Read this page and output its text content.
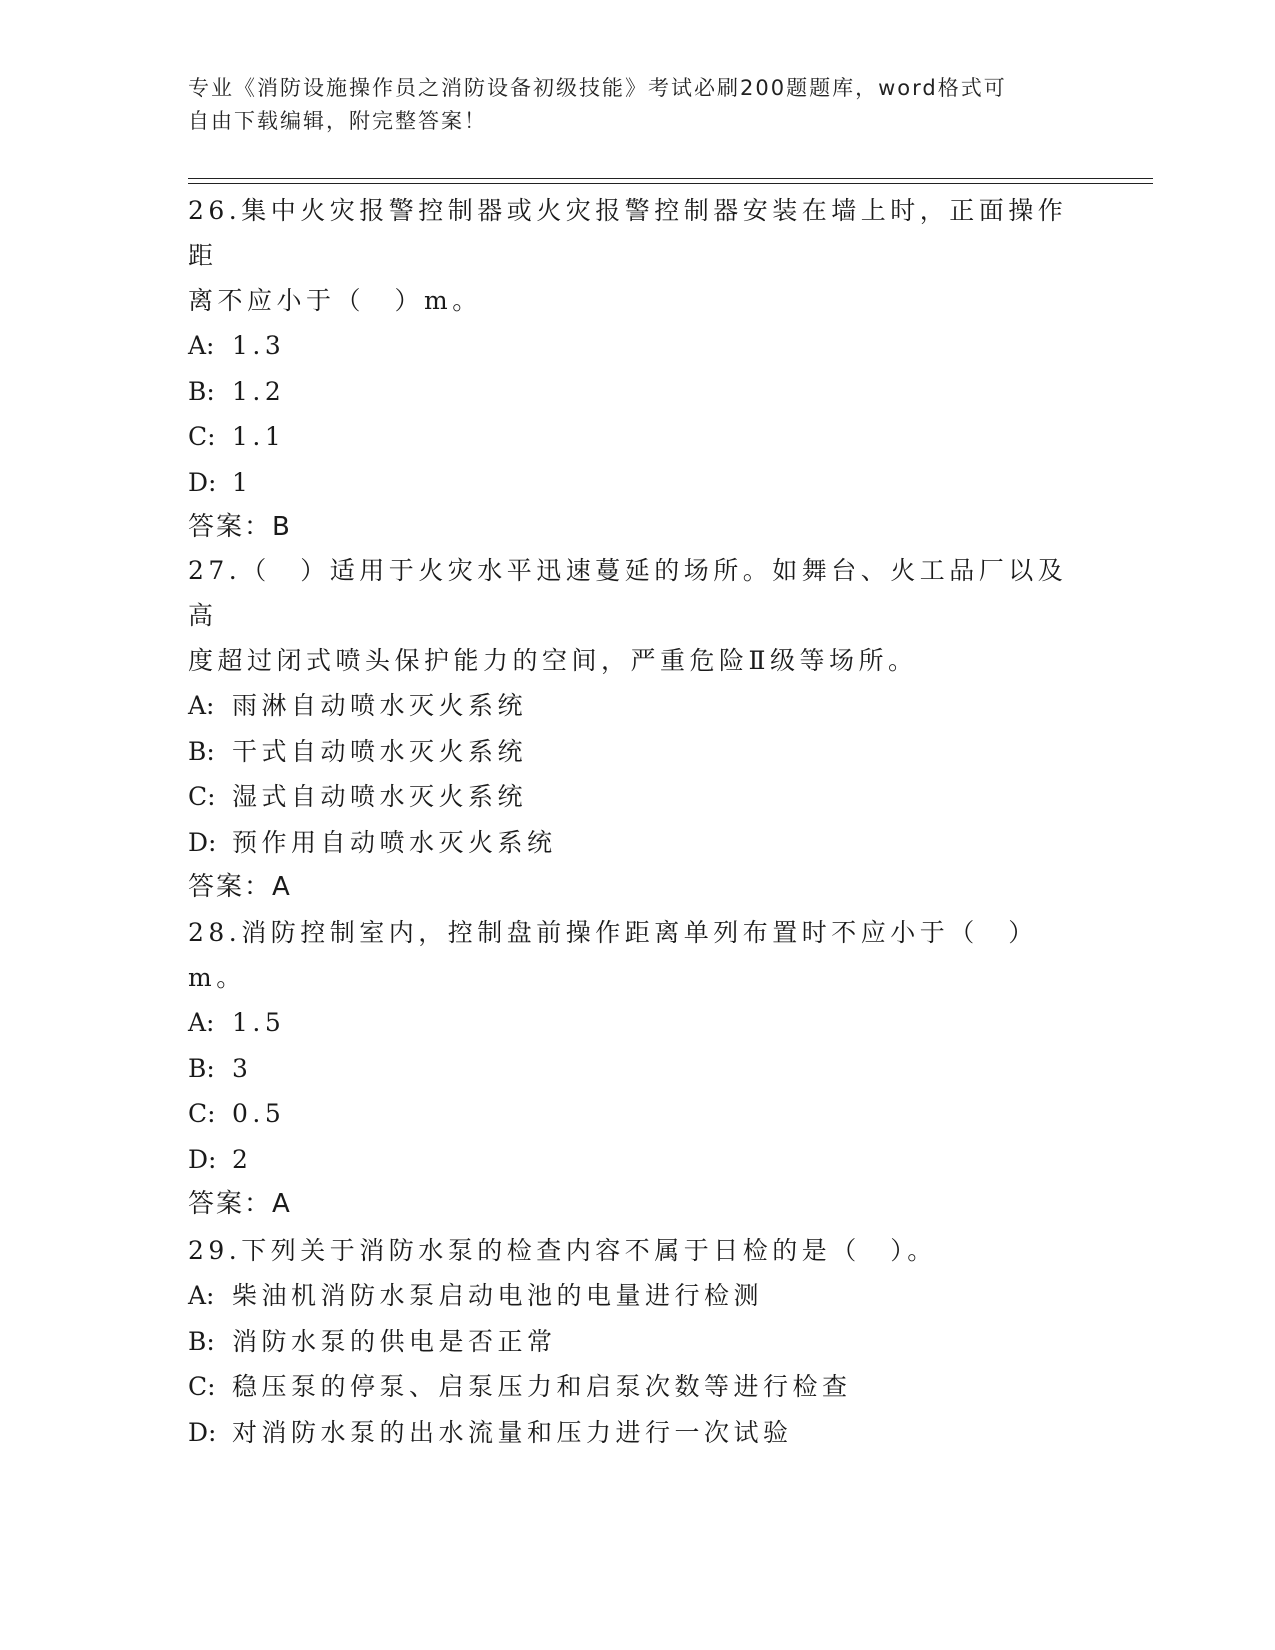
专业《消防设施操作员之消防设备初级技能》考试必刷200题题库，word格式可
自由下载编辑，附完整答案！

26.集中火灾报警控制器或火灾报警控制器安装在墙上时，正面操作距

离不应小于（　）m。

A: 1.3

B: 1.2

C: 1.1

D: 1

答案：B

27.（　）适用于火灾水平迅速蔓延的场所。如舞台、火工品厂以及高

度超过闭式喷头保护能力的空间，严重危险Ⅱ级等场所。

A: 雨淋自动喷水灭火系统

B: 干式自动喷水灭火系统

C: 湿式自动喷水灭火系统

D: 预作用自动喷水灭火系统

答案：A

28.消防控制室内，控制盘前操作距离单列布置时不应小于（　）m。

A: 1.5

B: 3

C: 0.5

D: 2

答案：A

29.下列关于消防水泵的检查内容不属于日检的是（　）。

A: 柴油机消防水泵启动电池的电量进行检测

B: 消防水泵的供电是否正常

C: 稳压泵的停泵、启泵压力和启泵次数等进行检查

D: 对消防水泵的出水流量和压力进行一次试验
